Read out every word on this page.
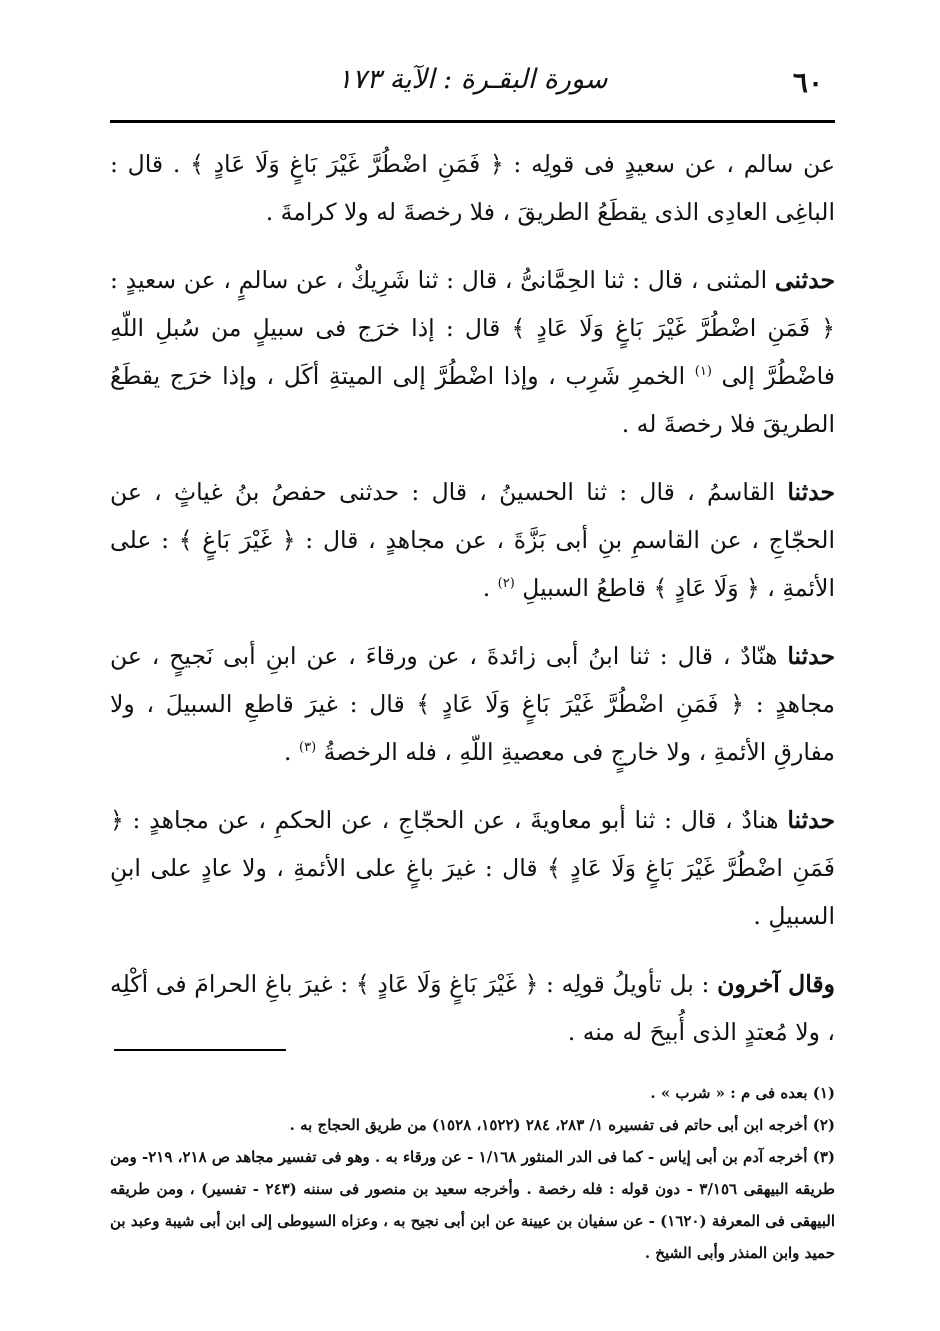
٦٠
سورة البقـرة : الآية ١٧٣

عن سالم ، عن سعيدٍ فى قولِه : ﴿ فَمَنِ اضْطُرَّ غَيْرَ بَاغٍ وَلَا عَادٍ ﴾ . قال : الباغِى العادِى الذى يقطَعُ الطريقَ ، فلا رخصةَ له ولا كرامةَ .

حدثنى المثنى ، قال : ثنا الحِمَّانىُّ ، قال : ثنا شَرِيكٌ ، عن سالمٍ ، عن سعيدٍ : ﴿ فَمَنِ اضْطُرَّ غَيْرَ بَاغٍ وَلَا عَادٍ ﴾ قال : إذا خرَج فى سبيلٍ من سُبلِ اللّهِ فاضْطُرَّ إلى $^{(١)}$ الخمرِ شَرِب ، وإذا اضْطُرَّ إلى الميتةِ أكَل ، وإذا خرَج يقطَعُ الطريقَ فلا رخصةَ له .

حدثنا القاسمُ ، قال : ثنا الحسينُ ، قال : حدثنى حفصُ بنُ غياثٍ ، عن الحجّاجِ ، عن القاسمِ بنِ أبى بَزَّةَ ، عن مجاهدٍ ، قال : ﴿ غَيْرَ بَاغٍ ﴾ : على الأئمةِ ، ﴿ وَلَا عَادٍ ﴾ قاطعُ السبيلِ $^{(٢)}$ .

حدثنا هنّادٌ ، قال : ثنا ابنُ أبى زائدةَ ، عن ورقاءَ ، عن ابنِ أبى نَجيحٍ ، عن مجاهدٍ : ﴿ فَمَنِ اضْطُرَّ غَيْرَ بَاغٍ وَلَا عَادٍ ﴾ قال : غيرَ قاطعِ السبيلَ ، ولا مفارقِ الأئمةِ ، ولا خارجٍ فى معصيةِ اللّهِ ، فله الرخصةُ $^{(٣)}$ .

حدثنا هنادٌ ، قال : ثنا أبو معاويةَ ، عن الحجّاجِ ، عن الحكمِ ، عن مجاهدٍ : ﴿ فَمَنِ اضْطُرَّ غَيْرَ بَاغٍ وَلَا عَادٍ ﴾ قال : غيرَ باغٍ على الأئمةِ ، ولا عادٍ على ابنِ السبيلِ .

وقال آخرون : بل تأويلُ قولِه : ﴿ غَيْرَ بَاغٍ وَلَا عَادٍ ﴾ : غيرَ باغِ الحرامَ فى أكْلِه ، ولا مُعتدٍ الذى أُبيحَ له منه .

(١) بعده فى م : « شرب » .

(٢) أخرجه ابن أبى حاتم فى تفسيره ١/ ٢٨٣، ٢٨٤ (١٥٢٢، ١٥٢٨) من طريق الحجاج به .

(٣) أخرجه آدم بن أبى إياس - كما فى الدر المنثور ١/١٦٨ - عن ورقاء به . وهو فى تفسير مجاهد ص ٢١٨، ٢١٩- ومن طريقه البيهقى ٣/١٥٦ - دون قوله : فله رخصة . وأخرجه سعيد بن منصور فى سننه (٢٤٣ - تفسير) ، ومن طريقه البيهقى فى المعرفة (١٦٢٠) - عن سفيان بن عيينة عن ابن أبى نجيح به ، وعزاه السيوطى إلى ابن أبى شيبة وعبد بن حميد وابن المنذر وأبى الشيخ .
